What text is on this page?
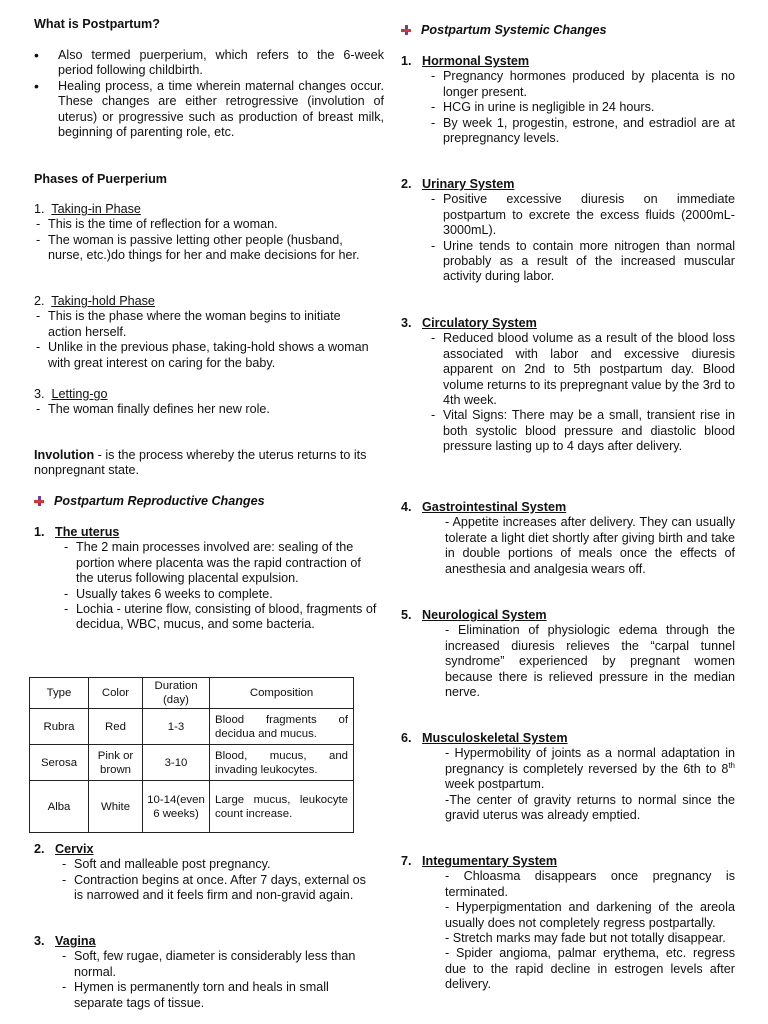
What is Postpartum?
• Also termed puerperium, which refers to the 6-week period following childbirth.
• Healing process, a time wherein maternal changes occur. These changes are either retrogressive (involution of uterus) or progressive such as production of breast milk, beginning of parenting role, etc.
Phases of Puerperium
1. Taking-in Phase
- This is the time of reflection for a woman.
- The woman is passive letting other people (husband, nurse, etc.)do things for her and make decisions for her.
2. Taking-hold Phase
- This is the phase where the woman begins to initiate action herself.
- Unlike in the previous phase, taking-hold shows a woman with great interest on caring for the baby.
3. Letting-go
- The woman finally defines her new role.
Involution - is the process whereby the uterus returns to its nonpregnant state.
Postpartum Reproductive Changes
1. The uterus
- The 2 main processes involved are: sealing of the portion where placenta was the rapid contraction of the uterus following placental expulsion.
- Usually takes 6 weeks to complete.
- Lochia - uterine flow, consisting of blood, fragments of decidua, WBC, mucus, and some bacteria.
Type	Color	Duration (day)	Composition
Rubra	Red	1-3	Blood fragments of decidua and mucus.
Serosa	Pink or brown	3-10	Blood, mucus, and invading leukocytes.
Alba	White	10-14(even 6 weeks)	Large mucus, leukocyte count increase.
2. Cervix
- Soft and malleable post pregnancy.
- Contraction begins at once. After 7 days, external os is narrowed and it feels firm and non-gravid again.
3. Vagina
- Soft, few rugae, diameter is considerably less than normal.
- Hymen is permanently torn and heals in small separate tags of tissue.
Postpartum Systemic Changes
1. Hormonal System
- Pregnancy hormones produced by placenta is no longer present.
- HCG in urine is negligible in 24 hours.
- By week 1, progestin, estrone, and estradiol are at prepregnancy levels.
2. Urinary System
- Positive excessive diuresis on immediate postpartum to excrete the excess fluids (2000mL-3000mL).
- Urine tends to contain more nitrogen than normal probably as a result of the increased muscular activity during labor.
3. Circulatory System
- Reduced blood volume as a result of the blood loss associated with labor and excessive diuresis apparent on 2nd to 5th postpartum day. Blood volume returns to its prepregnant value by the 3rd to 4th week.
- Vital Signs: There may be a small, transient rise in both systolic blood pressure and diastolic blood pressure lasting up to 4 days after delivery.
4. Gastrointestinal System
- Appetite increases after delivery. They can usually tolerate a light diet shortly after giving birth and take in double portions of meals once the effects of anesthesia and analgesia wears off.
5. Neurological System
- Elimination of physiologic edema through the increased diuresis relieves the “carpal tunnel syndrome” experienced by pregnant women because there is relieved pressure in the median nerve.
6. Musculoskeletal System
- Hypermobility of joints as a normal adaptation in pregnancy is completely reversed by the 6th to 8th week postpartum.
-The center of gravity returns to normal since the gravid uterus was already emptied.
7. Integumentary System
- Chloasma disappears once pregnancy is terminated.
- Hyperpigmentation and darkening of the areola usually does not completely regress postpartally.
- Stretch marks may fade but not totally disappear.
- Spider angioma, palmar erythema, etc. regress due to the rapid decline in estrogen levels after delivery.
